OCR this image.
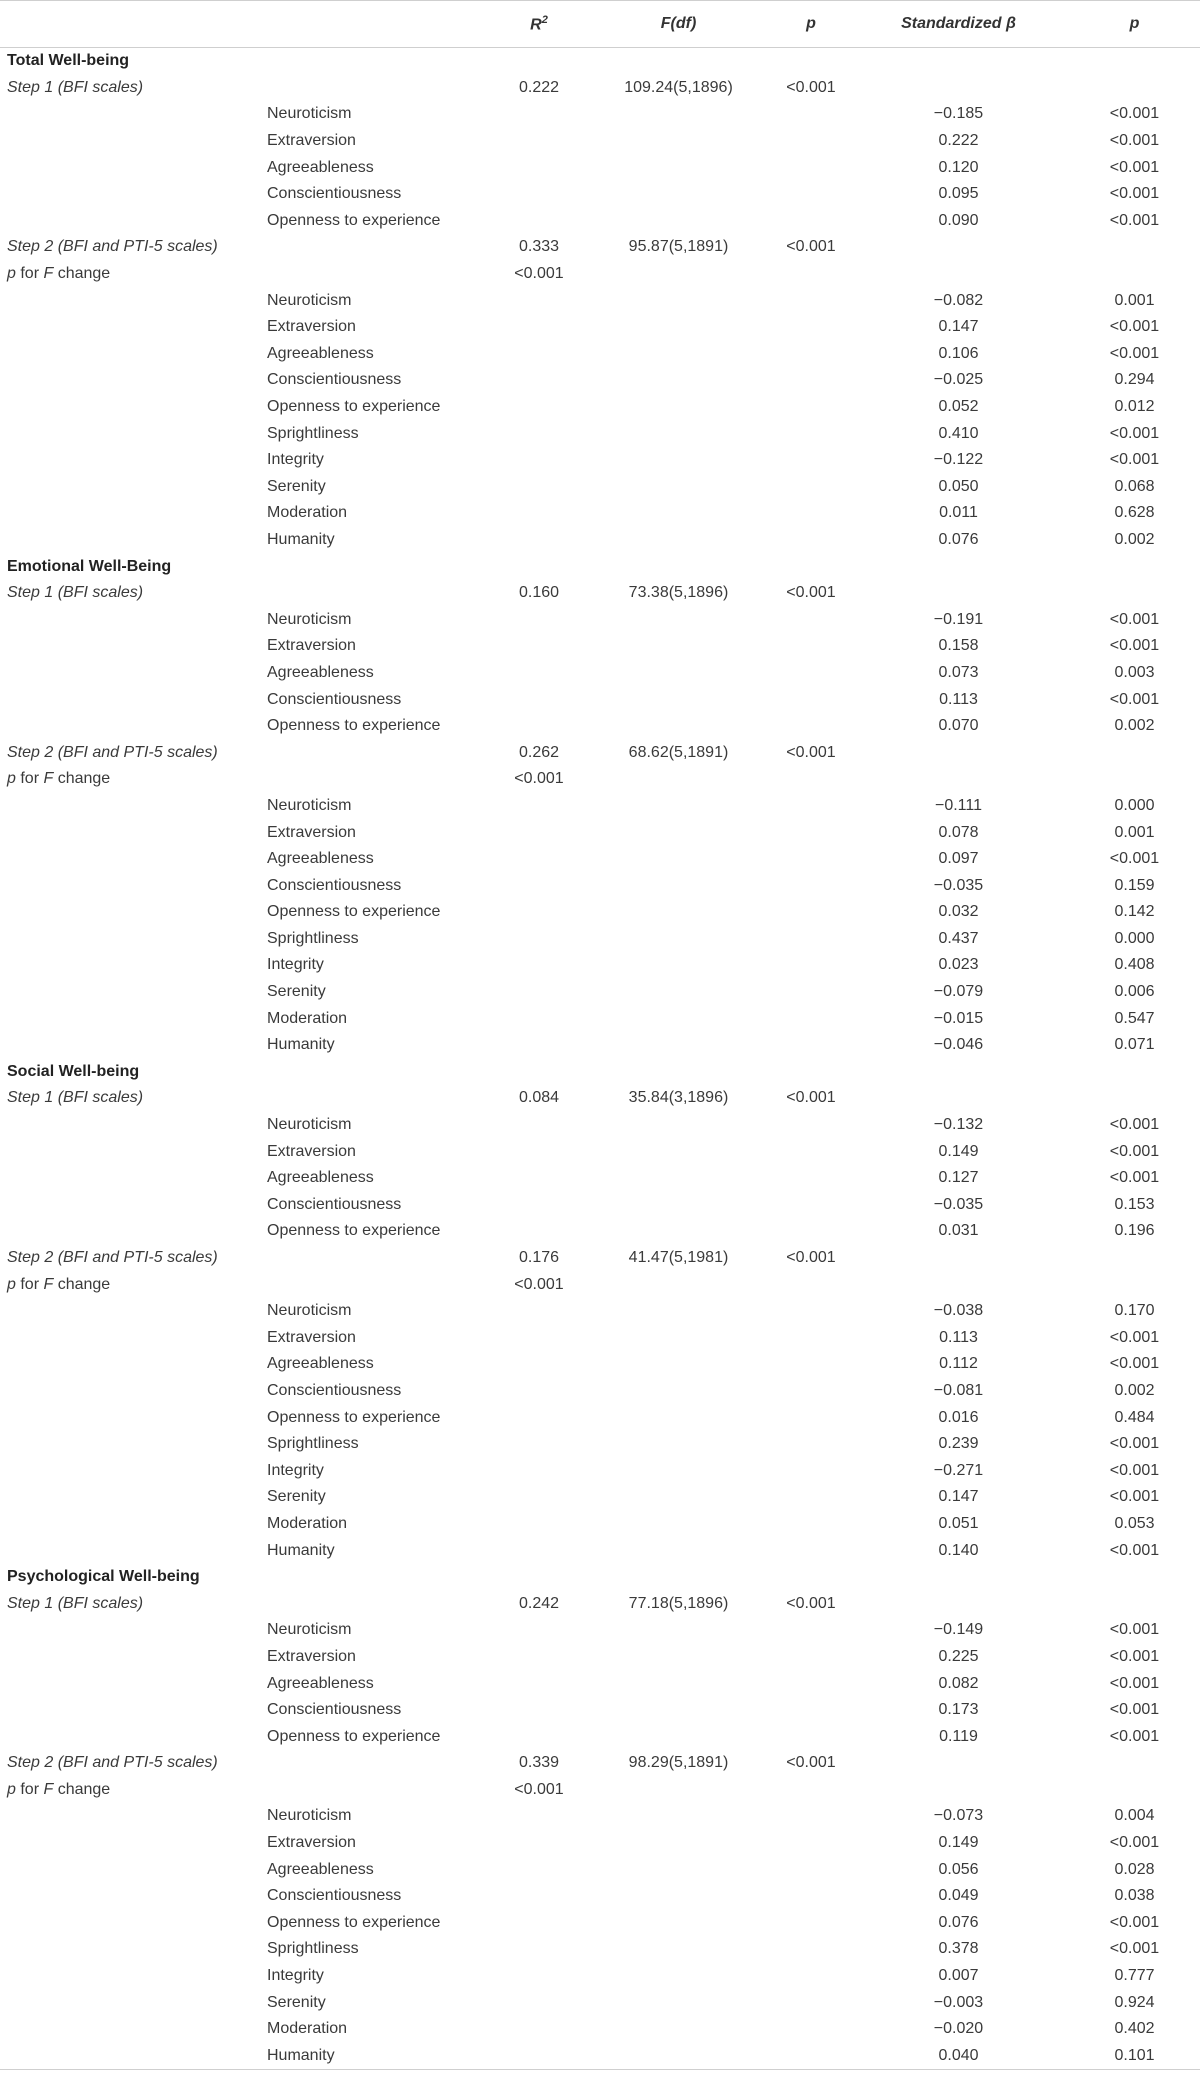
		$R^2$	F(df)	p	Standardized β	p
Total Well-being						
Step 1 (BFI scales)		0.222	109.24(5,1896)	<0.001		
	Neuroticism				−0.185	<0.001
	Extraversion				0.222	<0.001
	Agreeableness				0.120	<0.001
	Conscientiousness				0.095	<0.001
	Openness to experience				0.090	<0.001
Step 2 (BFI and PTI-5 scales)		0.333	95.87(5,1891)	<0.001		
p for F change		<0.001				
	Neuroticism				−0.082	0.001
	Extraversion				0.147	<0.001
	Agreeableness				0.106	<0.001
	Conscientiousness				−0.025	0.294
	Openness to experience				0.052	0.012
	Sprightliness				0.410	<0.001
	Integrity				−0.122	<0.001
	Serenity				0.050	0.068
	Moderation				0.011	0.628
	Humanity				0.076	0.002
Emotional Well-Being						
Step 1 (BFI scales)		0.160	73.38(5,1896)	<0.001		
	Neuroticism				−0.191	<0.001
	Extraversion				0.158	<0.001
	Agreeableness				0.073	0.003
	Conscientiousness				0.113	<0.001
	Openness to experience				0.070	0.002
Step 2 (BFI and PTI-5 scales)		0.262	68.62(5,1891)	<0.001		
p for F change		<0.001				
	Neuroticism				−0.111	0.000
	Extraversion				0.078	0.001
	Agreeableness				0.097	<0.001
	Conscientiousness				−0.035	0.159
	Openness to experience				0.032	0.142
	Sprightliness				0.437	0.000
	Integrity				0.023	0.408
	Serenity				−0.079	0.006
	Moderation				−0.015	0.547
	Humanity				−0.046	0.071
Social Well-being						
Step 1 (BFI scales)		0.084	35.84(3,1896)	<0.001		
	Neuroticism				−0.132	<0.001
	Extraversion				0.149	<0.001
	Agreeableness				0.127	<0.001
	Conscientiousness				−0.035	0.153
	Openness to experience				0.031	0.196
Step 2 (BFI and PTI-5 scales)		0.176	41.47(5,1981)	<0.001		
p for F change		<0.001				
	Neuroticism				−0.038	0.170
	Extraversion				0.113	<0.001
	Agreeableness				0.112	<0.001
	Conscientiousness				−0.081	0.002
	Openness to experience				0.016	0.484
	Sprightliness				0.239	<0.001
	Integrity				−0.271	<0.001
	Serenity				0.147	<0.001
	Moderation				0.051	0.053
	Humanity				0.140	<0.001
Psychological Well-being						
Step 1 (BFI scales)		0.242	77.18(5,1896)	<0.001		
	Neuroticism				−0.149	<0.001
	Extraversion				0.225	<0.001
	Agreeableness				0.082	<0.001
	Conscientiousness				0.173	<0.001
	Openness to experience				0.119	<0.001
Step 2 (BFI and PTI-5 scales)		0.339	98.29(5,1891)	<0.001		
p for F change		<0.001				
	Neuroticism				−0.073	0.004
	Extraversion				0.149	<0.001
	Agreeableness				0.056	0.028
	Conscientiousness				0.049	0.038
	Openness to experience				0.076	<0.001
	Sprightliness				0.378	<0.001
	Integrity				0.007	0.777
	Serenity				−0.003	0.924
	Moderation				−0.020	0.402
	Humanity				0.040	0.101
